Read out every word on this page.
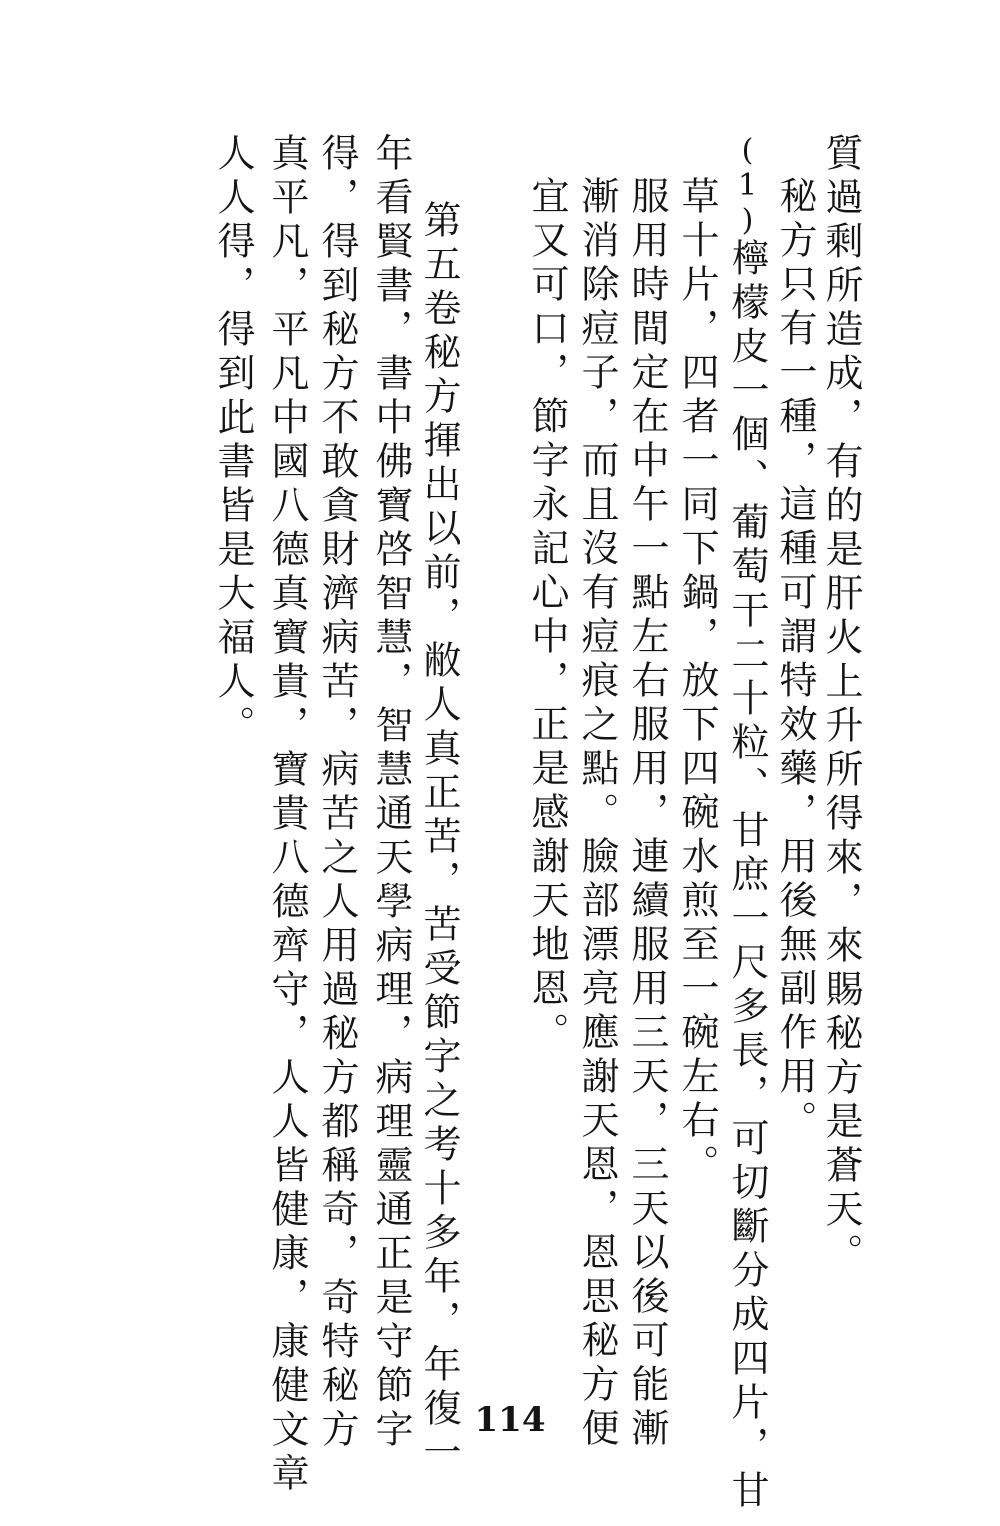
質過剩所造成，有的是肝火上升所得來，來賜秘方是蒼天。
秘方只有一種，這種可謂特效藥，用後無副作用。
(1)檸檬皮一個、葡萄干二十粒、甘庶一尺多長，可切斷分成四片，甘
草十片，四者一同下鍋，放下四碗水煎至一碗左右。
服用時間定在中午一點左右服用，連續服用三天，三天以後可能漸
漸消除痘子，而且沒有痘痕之點。臉部漂亮應謝天恩，恩思秘方便
宜又可口，節字永記心中，正是感謝天地恩。
第五卷秘方揮出以前，敝人真正苦，苦受節字之考十多年，年復一
年看賢書，書中佛寶啓智慧，智慧通天學病理，病理靈通正是守節字
得，得到秘方不敢貪財濟病苦，病苦之人用過秘方都稱奇，奇特秘方
真平凡，平凡中國八德真寶貴，寶貴八德齊守，人人皆健康，康健文章
人人得，得到此書皆是大福人。
114
